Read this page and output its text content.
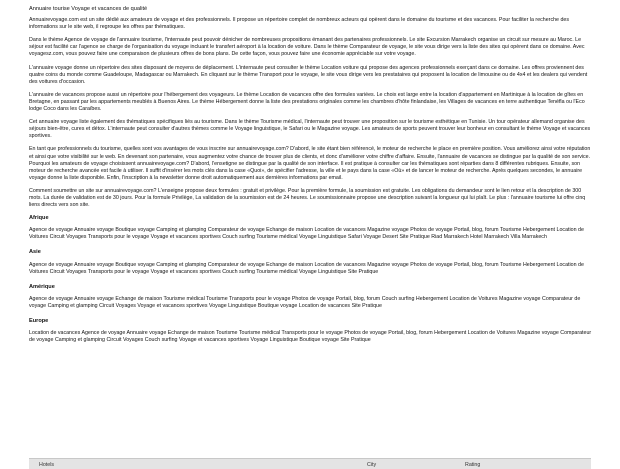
Annuaire tourise Voyage et vacances de qualité

Annuairevoyage.com est un site dédié aux amateurs de voyage et des professionnels. Il propose un répertoire complet de nombreux acteurs qui opèrent dans le domaine du tourisme et des vacances. Pour faciliter la recherche des informations sur le site web, il regroupe les offres par thématiques.

Dans le thème Agence de voyage de l'annuaire tourisme, l'internaute peut pouvoir dénicher de nombreuses propositions émanant des partenaires professionnels. Le site Excursion Marrakech organise un circuit sur mesure au Maroc. Le séjour est facilité car l'agence se charge de l'organisation du voyage incluant le transfert aéroport à la location de voiture. Dans le thème Comparateur de voyage, le site vous dirige vers la liste des sites qui opèrent dans ce domaine. Avec voyagesz.com, vous pouvez faire une comparaison de plusieurs offres de bons plans. De cette façon, vous pouvez faire une économie appréciable sur votre voyage.

L'annuaire voyage donne un répertoire des sites disposant de moyens de déplacement. L'internaute peut consulter le thème Location voiture qui propose des agences professionnels exerçant dans ce domaine. Les offres proviennent des quatre coins du monde comme Guadeloupe, Madagascar ou Marrakech. En cliquant sur le thème Transport pour le voyage, le site vous dirige vers les prestataires qui proposent la location de limousine ou de 4x4 et les dealers qui vendent des voitures d'occasion.

L'annuaire de vacances propose aussi un répertoire pour l'hébergement des voyageurs. Le thème Location de vacances offre des formules variées. Le choix est large entre la location d'appartement en Martinique à la location de gîtes en Bretagne, en passant par les appartements meublés à Buenos Aires. Le thème Hébergement donne la liste des prestations originales comme les chambres d'hôte finlandaise, les Villages de vacances en terre authentique Tenéfla ou l'Eco lodge Coco dans les Caraïbes.

Cet annuaire voyage liste également des thématiques spécifiques liés au tourisme. Dans le thème Tourisme médical, l'internaute peut trouver une proposition sur le tourisme esthétique en Tunisie. Un tour opérateur allemand organise des séjours bien-être, cures et détox. L'internaute peut consulter d'autres thèmes comme le Voyage linguistique, le Safari ou le Magazine voyage. Les amateurs de sports peuvent trouver leur bonheur en consultant le thème Voyage et vacances sportives.

En tant que professionnels du tourisme, quelles sont vos avantages de vous inscrire sur annuairevoyage.com? D'abord, le site étant bien référencé, le moteur de recherche le place en première position. Vous améliorez ainsi votre réputation et ainsi que votre visibilité sur le web. En devenant son partenaire, vous augmentez votre chance de trouver plus de clients, et donc d'améliorer votre chiffre d'affaire. Ensuite, l'annuaire de vacances se distingue par la qualité de son service. Pourquoi les amateurs de voyage choisissent annuairevoyage.com? D'abord, l'ensetigne se distingue par la qualité de son interface. Il est pratique à consulter car les thématiques sont réparties dans 8 différentes rubriques. Ensuite, son moteur de recherche avancée est facile à utiliser. Il suffit d'insérer les mots clés dans la case «Quoi», de spécifier l'adresse, la ville et le pays dans la case «Où» et de lancer le moteur de recherche. Après quelques secondes, le annuaire voyage donne la liste disponible. Enfin, l'inscription à la newsletter donne droit automatiquement aux dernières informations par email.

Comment soumettre un site sur annuairevoyage.com? L'enseigne propose deux formules : gratuit et privilège. Pour la première formule, la soumission est gratuite. Les obligations du demandeur sont le lien retour et la description de 300 mots. La durée de validation est de 30 jours. Pour la formule Privilège, La validation de la soumission est de 24 heures. Le soumissionnaire propose une description suivant la longueur qui lui plaît. Le plus : l'annuaire tourisme lui offre cinq liens directs vers son site.

Afrique
Agence de voyageAnnuaire voyageBoutique voyageCamping et glampingComparateur de voyageEchange de maisonLocation de vacancesMagazine voyagePhotos de voyagePortail, blog, forumTourismeHebergementLocation de VoituresCircuit VoyagesTransports pour le voyageVoyage et vacances sportivesCouch surfingTourisme médicalVoyage LinguistiqueSafariVoyage DesertSite PratiqueRiad MarrakechHotel MarrakechVilla Marrakech
Asie
Agence de voyageAnnuaire voyageBoutique voyageCamping et glampingComparateur de voyageEchange de maisonLocation de vacancesMagazine voyagePhotos de voyagePortail, blog, forumTourismeHebergementLocation de VoituresCircuit VoyagesTransports pour le voyageVoyage et vacances sportivesCouch surfingTourisme médicalVoyage LinguistiqueSite Pratique
Amérique
Agence de voyageAnnuaire voyageEchange de maisonTourisme médicalTourismeTransports pour le voyagePhotos de voyagePortail, blog, forumCouch surfingHebergementLocation de VoituresMagazine voyageComparateur de voyageCamping et glampingCircuit VoyagesVoyage et vacances sportivesVoyage LinguistiqueBoutique voyageLocation de vacancesSite Pratique
Europe
Location de vacancesAgence de voyageAnnuaire voyageEchange de maisonTourismeTourisme médicalTransports pour le voyagePhotos de voyagePortail, blog, forumHebergementLocation de VoituresMagazine voyageComparateur de voyageCamping et glampingCircuit VoyagesCouch surfingVoyage et vacances sportivesVoyage LinguistiqueBoutique voyageSite Pratique
Hotels	City	Rating
